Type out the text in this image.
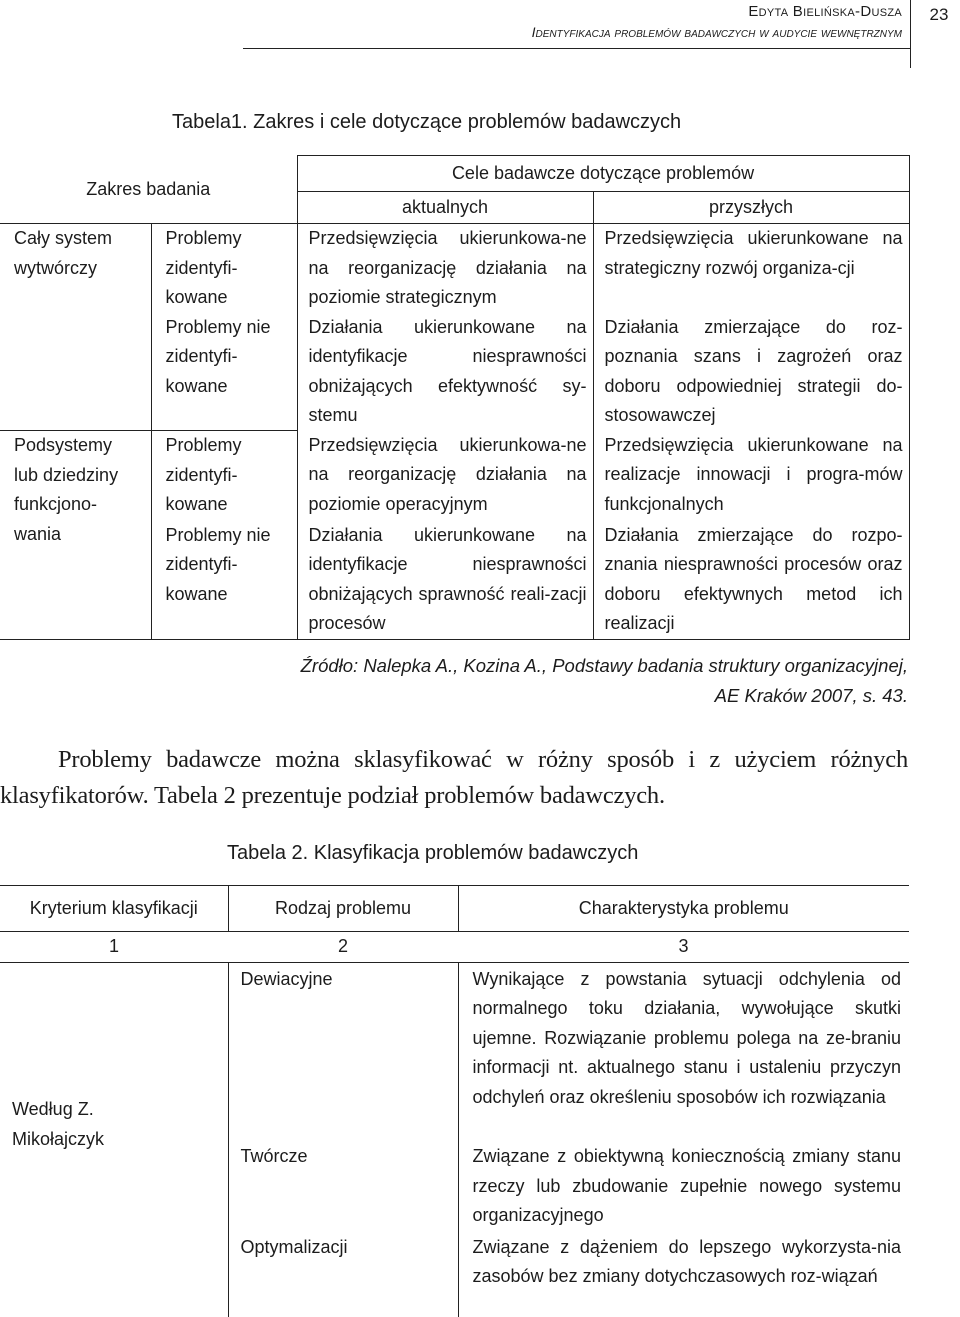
Edyta Bielińska-Dusza
Identyfikacja problemów badawczych w audycie wewnętrznym
23
Tabela1. Zakres i cele dotyczące problemów badawczych
Zakres badania		Cele badawcze dotyczące problemów	
		aktualnych	przyszłych

Cały system wytwórczy	Problemy zidentyfi-kowane	Przedsięwzięcia ukierunkowa-ne na reorganizację działania na poziomie strategicznym	Przedsięwzięcia ukierunkowane na strategiczny rozwój organiza-cji

	Problemy nie zidentyfi-kowane	Działania ukierunkowane na identyfikacje niesprawności obniżających efektywność sy-stemu	Działania zmierzające do roz-poznania szans i zagrożeń oraz doboru odpowiedniej strategii do-stosowawczej

Podsystemy lub dziedziny funkcjono-wania	Problemy zidentyfi-kowane	Przedsięwzięcia ukierunkowa-ne na reorganizację działania na poziomie operacyjnym	Przedsięwzięcia ukierunkowane na realizacje innowacji i progra-mów funkcjonalnych

	Problemy nie zidentyfi-kowane	Działania ukierunkowane na identyfikacje niesprawności obniżających sprawność reali-zacji procesów	Działania zmierzające do rozpo-znania niesprawności procesów oraz doboru efektywnych metod ich realizacji
Źródło: Nalepka A., Kozina A., Podstawy badania struktury organizacyjnej,
AE Kraków 2007, s. 43.
Problemy badawcze można sklasyfikować w różny sposób i z użyciem różnych klasyfikatorów. Tabela 2 prezentuje podział problemów badawczych.
Tabela 2. Klasyfikacja problemów badawczych
Kryterium klasyfikacji	Rodzaj problemu	Charakterystyka problemu
1	2	3

Według Z. Mikołajczyk	Dewiacyjne	Wynikające z powstania sytuacji odchylenia od normalnego toku działania, wywołujące skutki ujemne. Rozwiązanie problemu polega na ze-braniu informacji nt. aktualnego stanu i ustaleniu przyczyn odchyleń oraz określeniu sposobów ich rozwiązania

	Twórcze	Związane z obiektywną koniecznością zmiany stanu rzeczy lub zbudowanie zupełnie nowego systemu organizacyjnego

	Optymalizacji	Związane z dążeniem do lepszego wykorzysta-nia zasobów bez zmiany dotychczasowych roz-wiązań
